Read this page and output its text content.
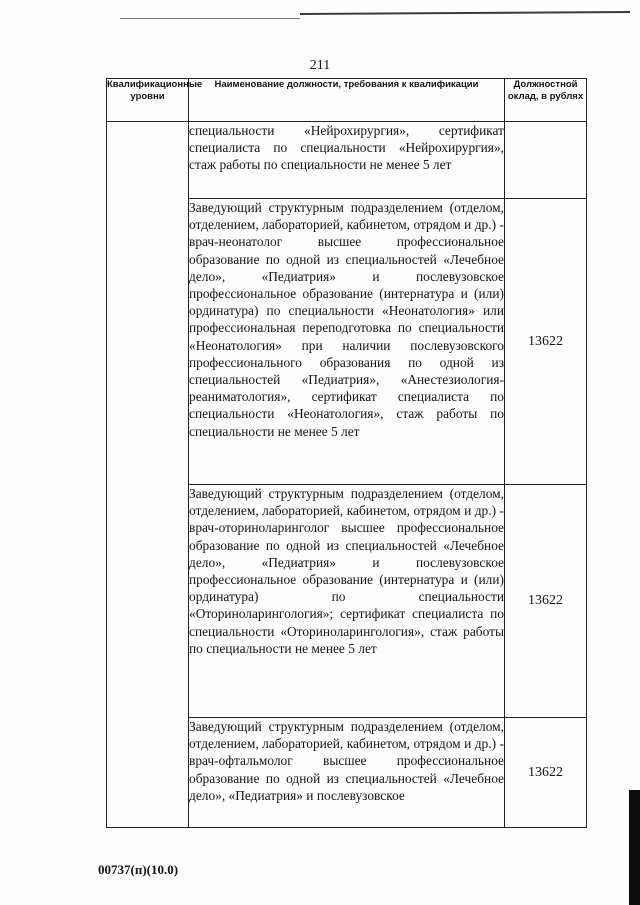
211
Квалификационные уровни	Наименование должности, требования к квалификации	Должностной оклад, в рублях
	специальности «Нейрохирургия», сертификат специалиста по специальности «Нейрохирургия», стаж работы по специальности не менее 5 лет	
	Заведующий структурным подразделением (отделом, отделением, лабораторией, кабинетом, отрядом и др.) - врач-неонатолог высшее профессиональное образование по одной из специальностей «Лечебное дело», «Педиатрия» и послевузовское профессиональное образование (интернатура и (или) ординатура) по специальности «Неонатология» или профессиональная переподготовка по специальности «Неонатология» при наличии послевузовского профессионального образования по одной из специальностей «Педиатрия», «Анестезиология-реаниматология», сертификат специалиста по специальности «Неонатология», стаж работы по специальности не менее 5 лет	13622
	Заведующий структурным подразделением (отделом, отделением, лабораторией, кабинетом, отрядом и др.) - врач-оториноларинголог высшее профессиональное образование по одной из специальностей «Лечебное дело», «Педиатрия» и послевузовское профессиональное образование (интернатура и (или) ординатура) по специальности «Оториноларингология»; сертификат специалиста по специальности «Оториноларингология», стаж работы по специальности не менее 5 лет	13622
	Заведующий структурным подразделением (отделом, отделением, лабораторией, кабинетом, отрядом и др.) - врач-офтальмолог высшее профессиональное образование по одной из специальностей «Лечебное дело», «Педиатрия» и послевузовское	13622
00737(п)(10.0)
